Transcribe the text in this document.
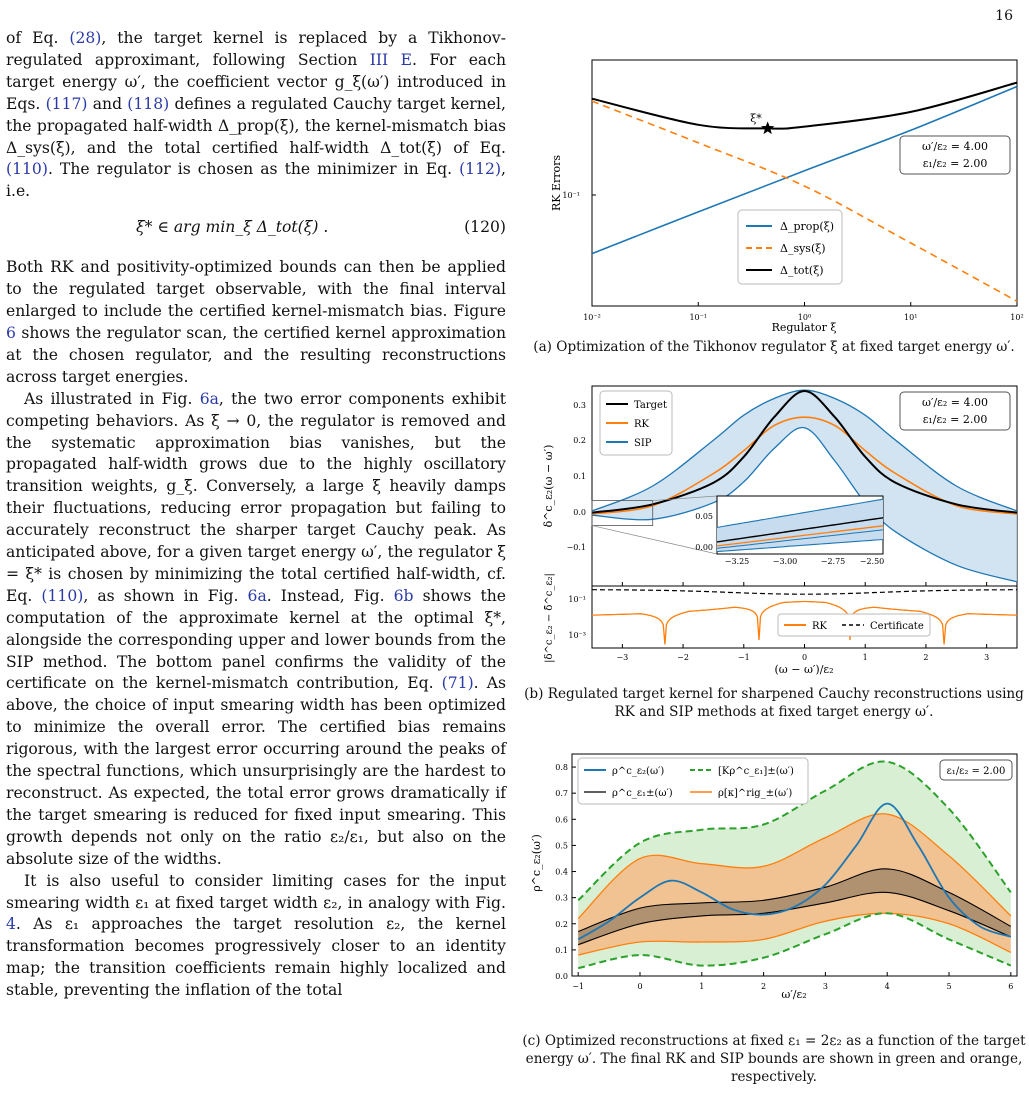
16

of Eq. (28), the target kernel is replaced by a Tikhonov-regulated approximant, following Section III E. For each target energy ω′, the coefficient vector g_ξ(ω′) introduced in Eqs. (117) and (118) defines a regulated Cauchy target kernel, the propagated half-width Δ_prop(ξ), the kernel-mismatch bias Δ_sys(ξ), and the total certified half-width Δ_tot(ξ) of Eq. (110). The regulator is chosen as the minimizer in Eq. (112), i.e.

ξ* ∈ arg min_ξ Δ_tot(ξ) .	(120)

Both RK and positivity-optimized bounds can then be applied to the regulated target observable, with the final interval enlarged to include the certified kernel-mismatch bias. Figure 6 shows the regulator scan, the certified kernel approximation at the chosen regulator, and the resulting reconstructions across target energies.

As illustrated in Fig. 6a, the two error components exhibit competing behaviors. As ξ → 0, the regulator is removed and the systematic approximation bias vanishes, but the propagated half-width grows due to the highly oscillatory transition weights, g_ξ. Conversely, a large ξ heavily damps their fluctuations, reducing error propagation but failing to accurately reconstruct the sharper target Cauchy peak. As anticipated above, for a given target energy ω′, the regulator ξ = ξ* is chosen by minimizing the total certified half-width, cf. Eq. (110), as shown in Fig. 6a. Instead, Fig. 6b shows the computation of the approximate kernel at the optimal ξ*, alongside the corresponding upper and lower bounds from the SIP method. The bottom panel confirms the validity of the certificate on the kernel-mismatch contribution, Eq. (71). As above, the choice of input smearing width has been optimized to minimize the overall error. The certified bias remains rigorous, with the largest error occurring around the peaks of the spectral functions, which unsurprisingly are the hardest to reconstruct. As expected, the total error grows dramatically if the target smearing is reduced for fixed input smearing. This growth depends not only on the ratio ε₂/ε₁, but also on the absolute size of the widths.

It is also useful to consider limiting cases for the input smearing width ε₁ at fixed target width ε₂, in analogy with Fig. 4. As ε₁ approaches the target resolution ε₂, the kernel transformation becomes progressively closer to an identity map; the transition coefficients remain highly localized and stable, preventing the inflation of the total

10⁻²	10⁻¹	10⁰	10¹	10²
RK Errors 10⁻¹
Regulator ξ
ξ*
ω′/ε₂ = 4.00
ε₁/ε₂ = 2.00
Δ_prop(ξ)
Δ_sys(ξ)
Δ_tot(ξ)
(a) Optimization of the Tikhonov regulator ξ at fixed target energy ω′.
−3	−2	−1	0	1	2	3
δ^c_ε₂(ω − ω′)
|δ^c_ε₂ − δ̄^c_ε₂|
(ω − ω′)/ε₂
ω′/ε₂ = 4.00
ε₁/ε₂ = 2.00
Target
RK
SIP
RK	Certificate
0.05
0.00
−3.25	−3.00	−2.75 −2.50
0.3
0.2
0.1
0.0
−0.1
10⁻¹
10⁻³
(b) Regulated target kernel for sharpened Cauchy reconstructions using RK and SIP methods at fixed target energy ω′.
−1	0	1	2	3	4	5	6
0.0
0.1
0.2
0.3
0.4
0.5
0.6
0.7
0.8
ρ^c_ε₂(ω′)
ω′/ε₂
ε₁/ε₂ = 2.00
ρ^c_ε₂(ω′)
ρ^c_ε₁±(ω′)
[Kρ^c_ε₁]±(ω′)
ρ[κ]^rig_±(ω′)
(c) Optimized reconstructions at fixed ε₁ = 2ε₂ as a function of the target energy ω′. The final RK and SIP bounds are shown in green and orange, respectively.
